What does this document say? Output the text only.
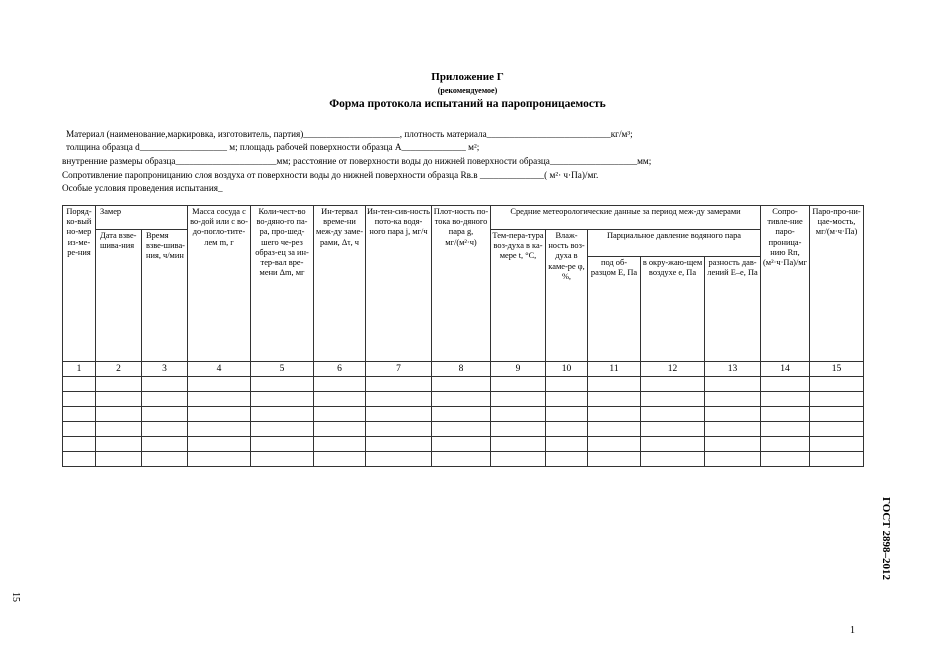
Приложение Г
(рекомендуемое)
Форма протокола испытаний на паропроницаемость
Материал (наименование,маркировка, изготовитель, партия)_____________________, плотность материала___________________________кг/м³;
толщина образца d___________________ м; площадь рабочей поверхности образца A______________ м²;
внутренние размеры образца______________________мм; расстояние от поверхности воды до нижней поверхности образца___________________мм;
Сопротивление паропроницанию слоя воздуха от поверхности воды до нижней поверхности образца Rв.в ______________( м²· ч·Па)/мг.
Особые условия проведения испытания_
Поряд-ко-вый но-мер из-ме-ре-ния	Замер		Масса сосуда с во-дой или с во-до-погло-тите-лем m, г	Коли-чест-во во-дяно-го па-ра, про-шед-шего че-рез образ-ец за ин-тер-вал вре-мени Δm, мг	Ин-тервал време-ни меж-ду заме-рами, Δτ, ч	Ин-тен-сив-ность пото-ка водя-ного пара j, мг/ч	Плот-ность по-тока во-дяного пара g, мг/(м²·ч)	Средние метеорологические данные за период меж-ду замерами					Сопро-тивле-ние паро-проница-нию Rп, (м²·ч·Па)/мг	Паро-про-ни-цае-мость, мг/(м·ч·Па)
	Дата взве-шива-ния	Время взве-шива-ния, ч/мин						Тем-пера-тура воз-духа в ка-мере t, °C,	Влаж-ность воз-духа в каме-ре φ, %,	Парциальное давление водяного пара				
										под об-разцом E, Па	в окру-жаю-щем воздухе e, Па	разность дав-лений E–e, Па		
1	2	3	4	5	6	7	8	9	10	11	12	13	14	15

ГОСТ 2898–2012
15
1
